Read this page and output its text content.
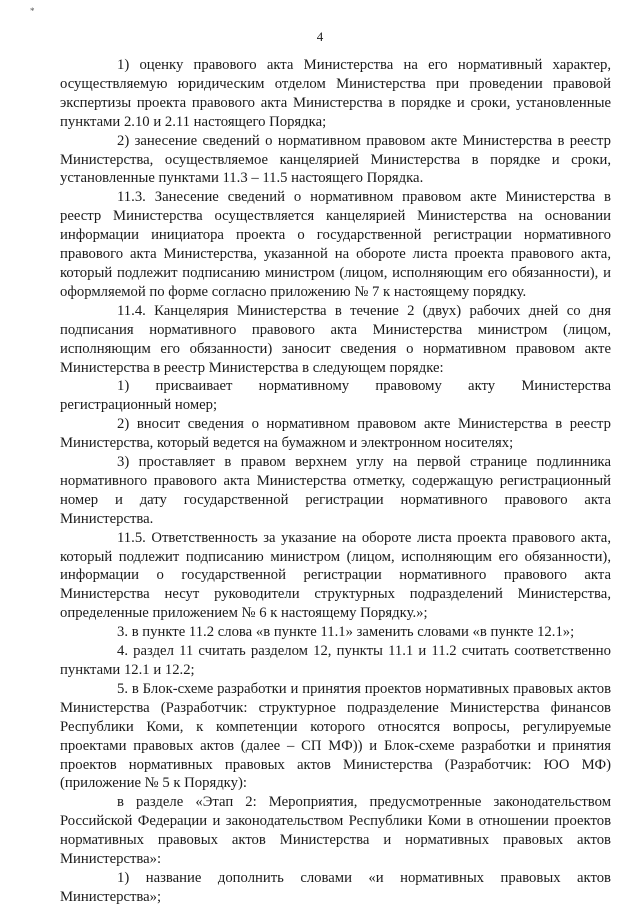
*
4

1) оценку правового акта Министерства на его нормативный характер, осуществляемую юридическим отделом Министерства при проведении правовой экспертизы проекта правового акта Министерства в порядке и сроки, установленные пунктами 2.10 и 2.11 настоящего Порядка;

2) занесение сведений о нормативном правовом акте Министерства в реестр Министерства, осуществляемое канцелярией Министерства в порядке и сроки, установленные пунктами 11.3 – 11.5 настоящего Порядка.

11.3. Занесение сведений о нормативном правовом акте Министерства в реестр Министерства осуществляется канцелярией Министерства на основании информации инициатора проекта о государственной регистрации нормативного правового акта Министерства, указанной на обороте листа проекта правового акта, который подлежит подписанию министром (лицом, исполняющим его обязанности), и оформляемой по форме согласно приложению № 7 к настоящему порядку.

11.4. Канцелярия Министерства в течение 2 (двух) рабочих дней со дня подписания нормативного правового акта Министерства министром (лицом, исполняющим его обязанности) заносит сведения о нормативном правовом акте Министерства в реестр Министерства в следующем порядке:

1) присваивает нормативному правовому акту Министерства регистрационный номер;

2) вносит сведения о нормативном правовом акте Министерства в реестр Министерства, который ведется на бумажном и электронном носителях;

3) проставляет в правом верхнем углу на первой странице подлинника нормативного правового акта Министерства отметку, содержащую регистрационный номер и дату государственной регистрации нормативного правового акта Министерства.

11.5. Ответственность за указание на обороте листа проекта правового акта, который подлежит подписанию министром (лицом, исполняющим его обязанности), информации о государственной регистрации нормативного правового акта Министерства несут руководители структурных подразделений Министерства, определенные приложением № 6 к настоящему Порядку.»;

3. в пункте 11.2 слова «в пункте 11.1» заменить словами «в пункте 12.1»;

4. раздел 11 считать разделом 12, пункты 11.1 и 11.2 считать соответственно пунктами 12.1 и 12.2;

5. в Блок-схеме разработки и принятия проектов нормативных правовых актов Министерства (Разработчик: структурное подразделение Министерства финансов Республики Коми, к компетенции которого относятся вопросы, регулируемые проектами правовых актов (далее – СП МФ)) и Блок-схеме разработки и принятия проектов нормативных правовых актов Министерства (Разработчик: ЮО МФ) (приложение № 5 к Порядку):

в разделе «Этап 2: Мероприятия, предусмотренные законодательством Российской Федерации и законодательством Республики Коми в отношении проектов нормативных правовых актов Министерства и нормативных правовых актов Министерства»:

1) название дополнить словами «и нормативных правовых актов Министерства»;
